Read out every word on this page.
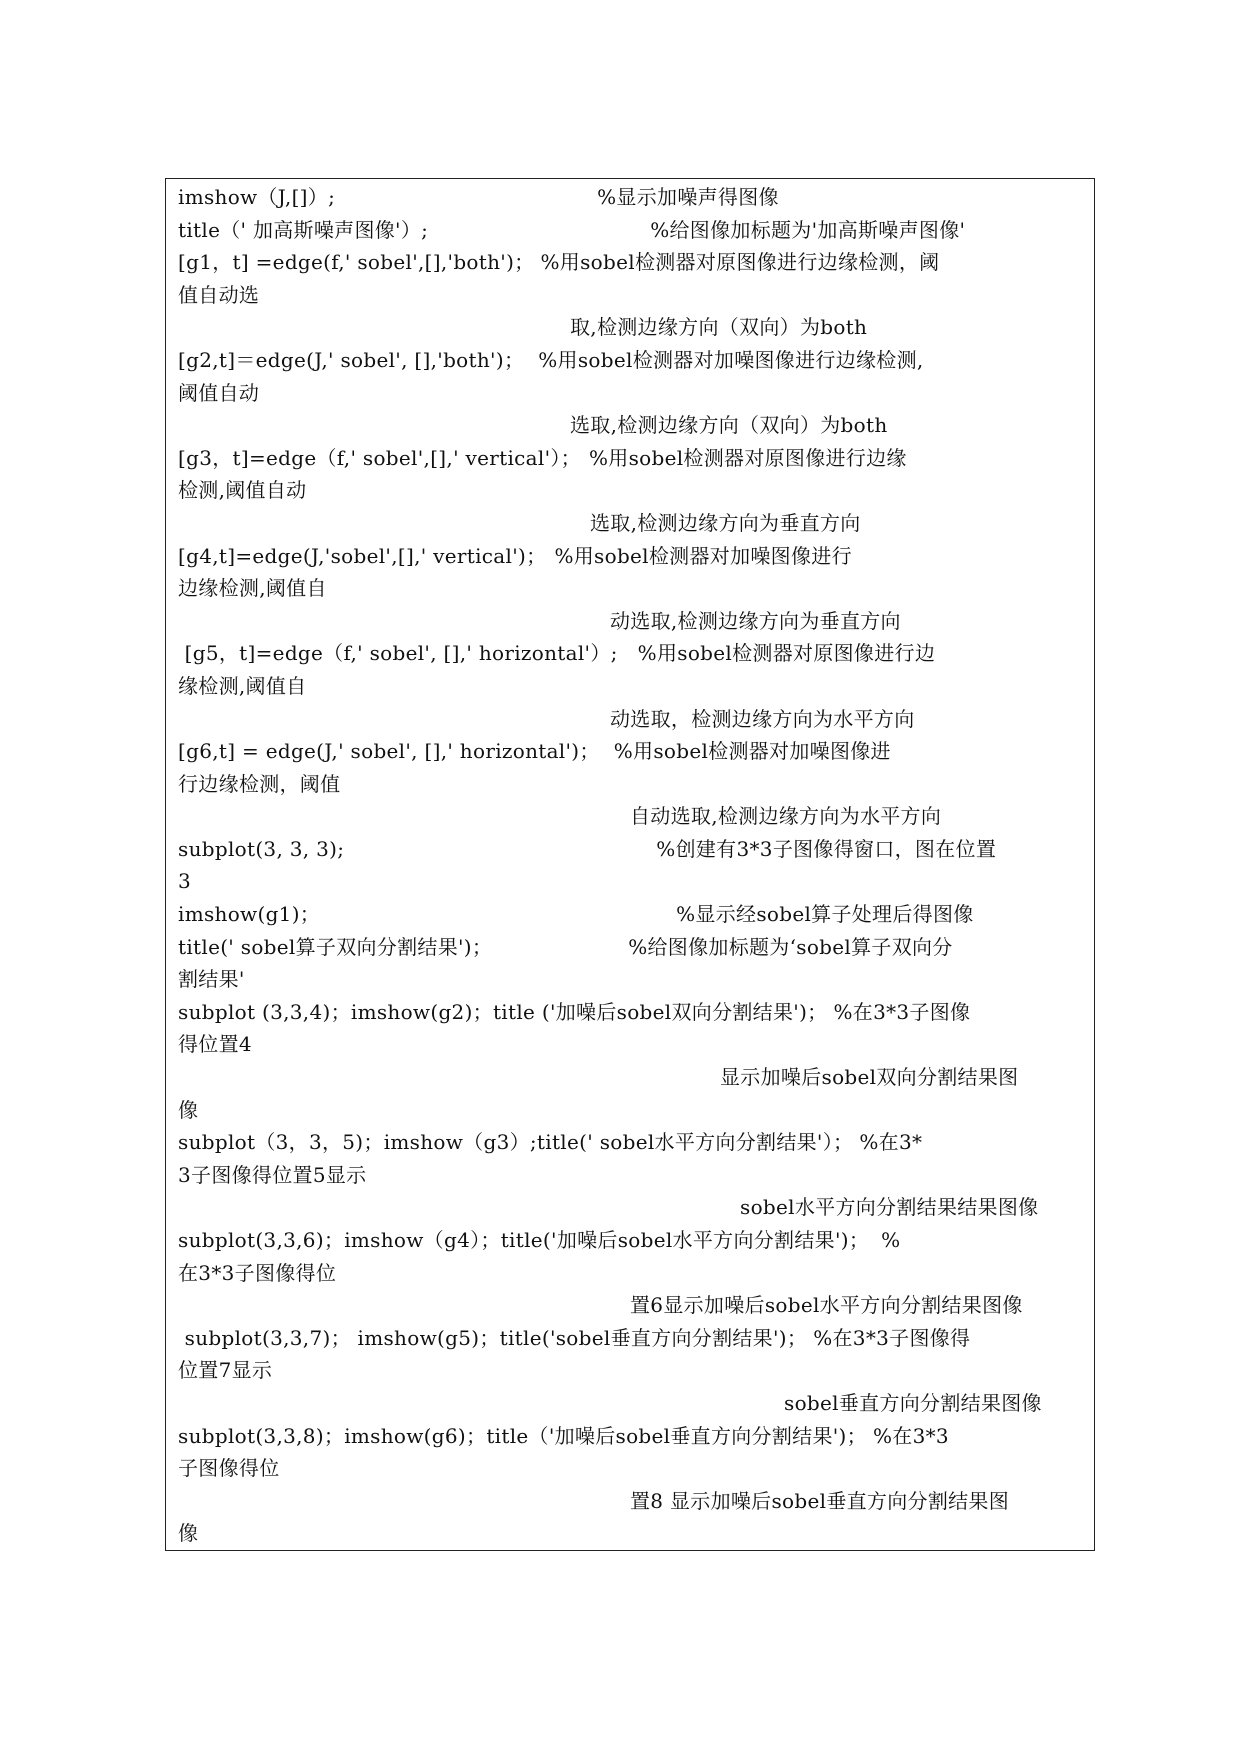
imshow（J,[]）;	%显示加噪声得图像
title（' 加高斯噪声图像'）;	%给图像加标题为'加高斯噪声图像'
[g1，t] =edge(f,' sobel',[],'both')； %用sobel检测器对原图像进行边缘检测，阈
值自动选
取,检测边缘方向（双向）为both
[g2,t]＝edge(J,' sobel', [],'both')； %用sobel检测器对加噪图像进行边缘检测,
阈值自动
选取,检测边缘方向（双向）为both
[g3，t]=edge（f,' sobel',[],' vertical'）； %用sobel检测器对原图像进行边缘
检测,阈值自动
选取,检测边缘方向为垂直方向
[g4,t]=edge(J,'sobel',[],' vertical')； %用sobel检测器对加噪图像进行
边缘检测,阈值自
动选取,检测边缘方向为垂直方向
[g5，t]=edge（f,' sobel', [],' horizontal'）; %用sobel检测器对原图像进行边
缘检测,阈值自
动选取，检测边缘方向为水平方向
[g6,t] = edge(J,' sobel', [],' horizontal')； %用sobel检测器对加噪图像进
行边缘检测，阈值
自动选取,检测边缘方向为水平方向
subplot(3, 3, 3);	%创建有3*3子图像得窗口，图在位置
3
imshow(g1)；	%显示经sobel算子处理后得图像
title(' sobel算子双向分割结果')；	%给图像加标题为‘sobel算子双向分
割结果'
subplot (3,3,4)；imshow(g2)；title ('加噪后sobel双向分割结果')； %在3*3子图像
得位置4
显示加噪后sobel双向分割结果图
像
subplot（3，3，5)；imshow（g3）;title(' sobel水平方向分割结果'）； %在3*
3子图像得位置5显示
sobel水平方向分割结果结果图像
subplot(3,3,6)；imshow（g4）；title('加噪后sobel水平方向分割结果')； %
在3*3子图像得位
置6显示加噪后sobel水平方向分割结果图像
subplot(3,3,7)； imshow(g5)；title('sobel垂直方向分割结果')； %在3*3子图像得
位置7显示
sobel垂直方向分割结果图像
subplot(3,3,8)；imshow(g6)；title（'加噪后sobel垂直方向分割结果')； %在3*3
子图像得位
置8 显示加噪后sobel垂直方向分割结果图
像
